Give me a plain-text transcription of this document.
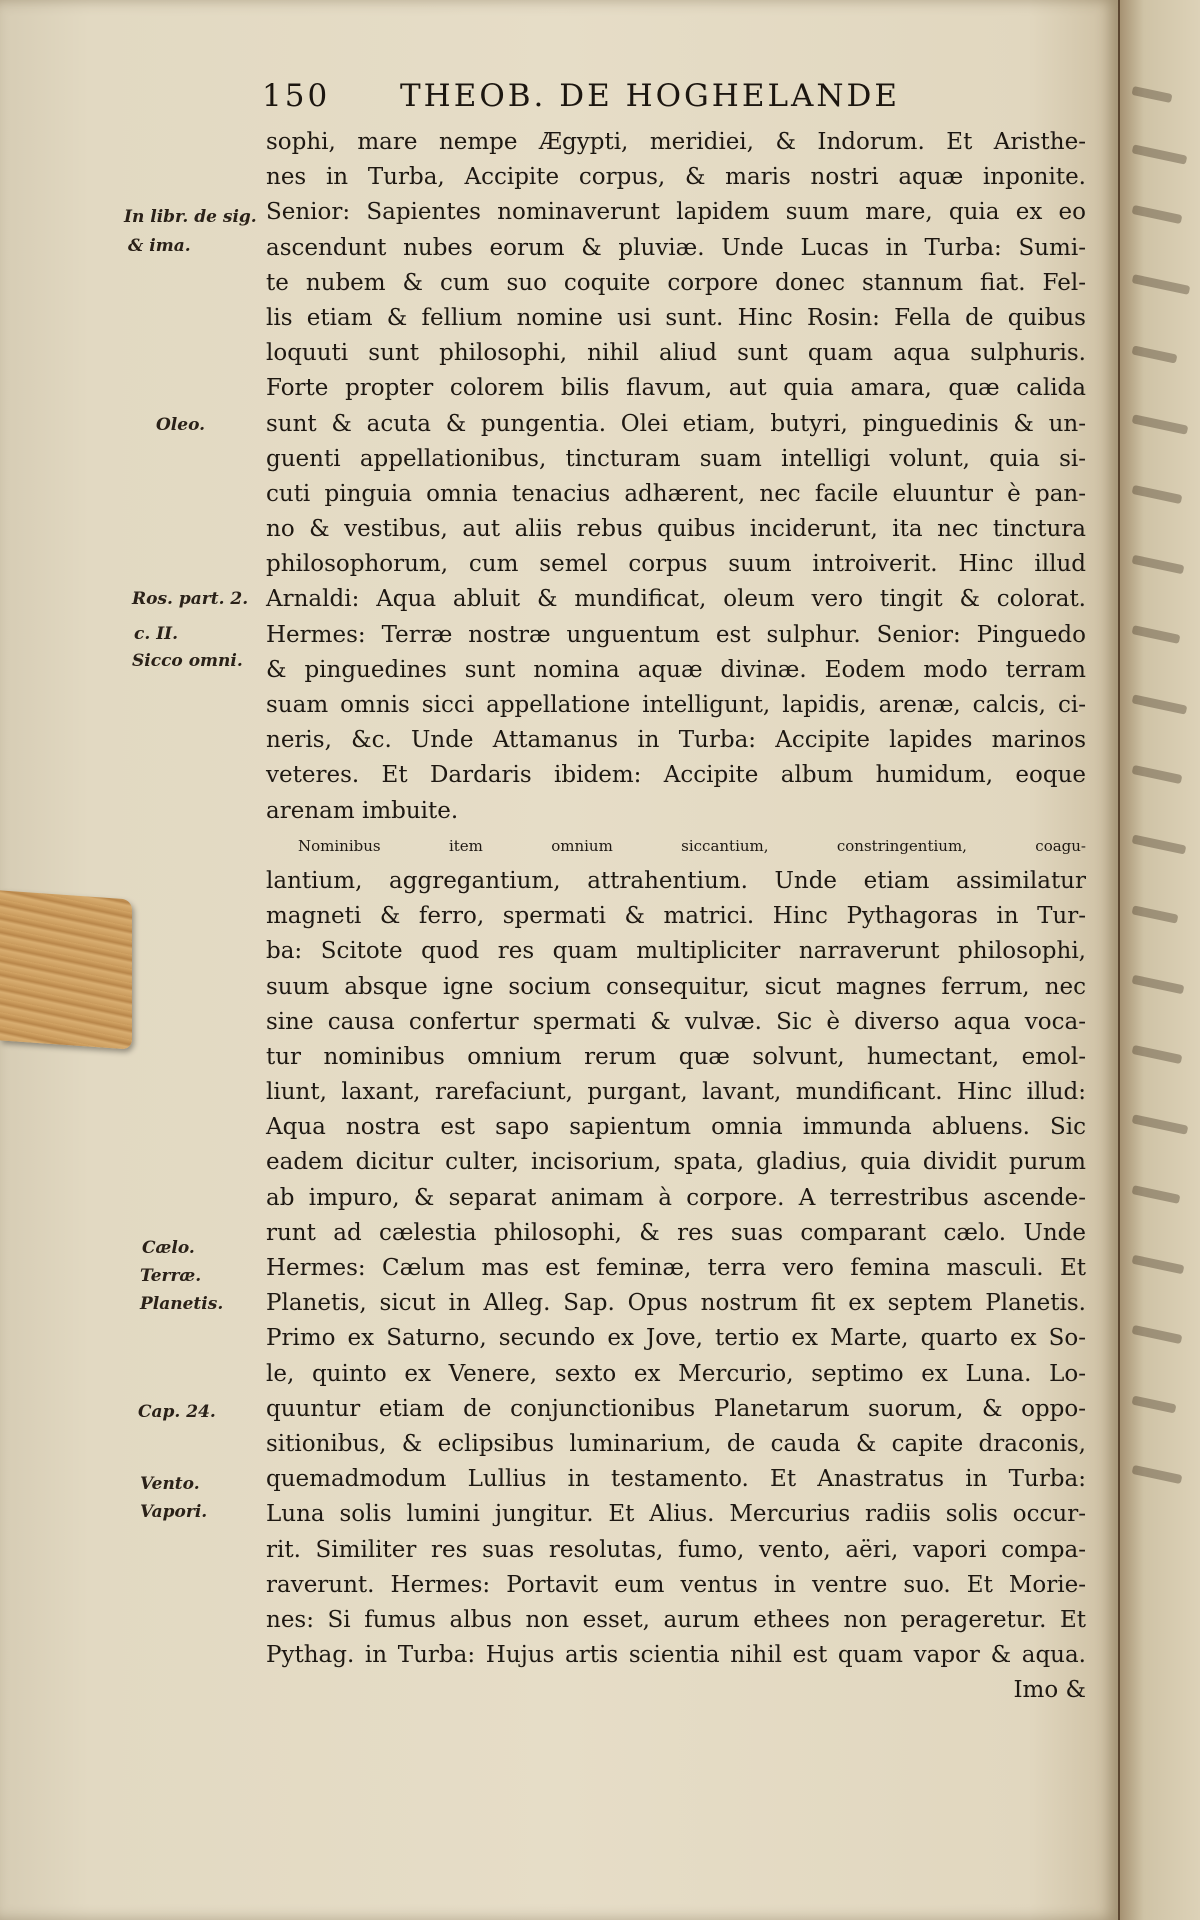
150 THEOB. DE HOGHELANDE
sophi, mare nempe Ægypti, meridiei, & Indorum. Et Aristhe-
nes in Turba, Accipite corpus, & maris nostri aquæ inponite.
Senior: Sapientes nominaverunt lapidem suum mare, quia ex eo
ascendunt nubes eorum & pluviæ. Unde Lucas in Turba: Sumi-
te nubem & cum suo coquite corpore donec stannum fiat. Fel-
lis etiam & fellium nomine usi sunt. Hinc Rosin: Fella de quibus
loquuti sunt philosophi, nihil aliud sunt quam aqua sulphuris.
Forte propter colorem bilis flavum, aut quia amara, quæ calida
sunt & acuta & pungentia. Olei etiam, butyri, pinguedinis & un-
guenti appellationibus, tincturam suam intelligi volunt, quia si-
cuti pinguia omnia tenacius adhærent, nec facile eluuntur è pan-
no & vestibus, aut aliis rebus quibus inciderunt, ita nec tinctura
philosophorum, cum semel corpus suum introiverit. Hinc illud
Arnaldi: Aqua abluit & mundificat, oleum vero tingit & colorat.
Hermes: Terræ nostræ unguentum est sulphur. Senior: Pinguedo
& pinguedines sunt nomina aquæ divinæ. Eodem modo terram
suam omnis sicci appellatione intelligunt, lapidis, arenæ, calcis, ci-
neris, &c. Unde Attamanus in Turba: Accipite lapides marinos
veteres. Et Dardaris ibidem: Accipite album humidum, eoque
arenam imbuite.
Nominibus item omnium siccantium, constringentium, coagu-
lantium, aggregantium, attrahentium. Unde etiam assimilatur
magneti & ferro, spermati & matrici. Hinc Pythagoras in Tur-
ba: Scitote quod res quam multipliciter narraverunt philosophi,
suum absque igne socium consequitur, sicut magnes ferrum, nec
sine causa confertur spermati & vulvæ. Sic è diverso aqua voca-
tur nominibus omnium rerum quæ solvunt, humectant, emol-
liunt, laxant, rarefaciunt, purgant, lavant, mundificant. Hinc illud:
Aqua nostra est sapo sapientum omnia immunda abluens. Sic
eadem dicitur culter, incisorium, spata, gladius, quia dividit purum
ab impuro, & separat animam à corpore. A terrestribus ascende-
runt ad cælestia philosophi, & res suas comparant cælo. Unde
Hermes: Cælum mas est feminæ, terra vero femina masculi. Et
Planetis, sicut in Alleg. Sap. Opus nostrum fit ex septem Planetis.
Primo ex Saturno, secundo ex Jove, tertio ex Marte, quarto ex So-
le, quinto ex Venere, sexto ex Mercurio, septimo ex Luna. Lo-
quuntur etiam de conjunctionibus Planetarum suorum, & oppo-
sitionibus, & eclipsibus luminarium, de cauda & capite draconis,
quemadmodum Lullius in testamento. Et Anastratus in Turba:
Luna solis lumini jungitur. Et Alius. Mercurius radiis solis occur-
rit. Similiter res suas resolutas, fumo, vento, aëri, vapori compa-
raverunt. Hermes: Portavit eum ventus in ventre suo. Et Morie-
nes: Si fumus albus non esset, aurum ethees non perageretur. Et
Pythag. in Turba: Hujus artis scientia nihil est quam vapor & aqua.
Imo &
In libr. de sig.
& ima.
Oleo.
Ros. part. 2.
c. II.
Sicco omni.
Cælo.
Terræ.
Planetis.
Cap. 24.
Vento.
Vapori.
